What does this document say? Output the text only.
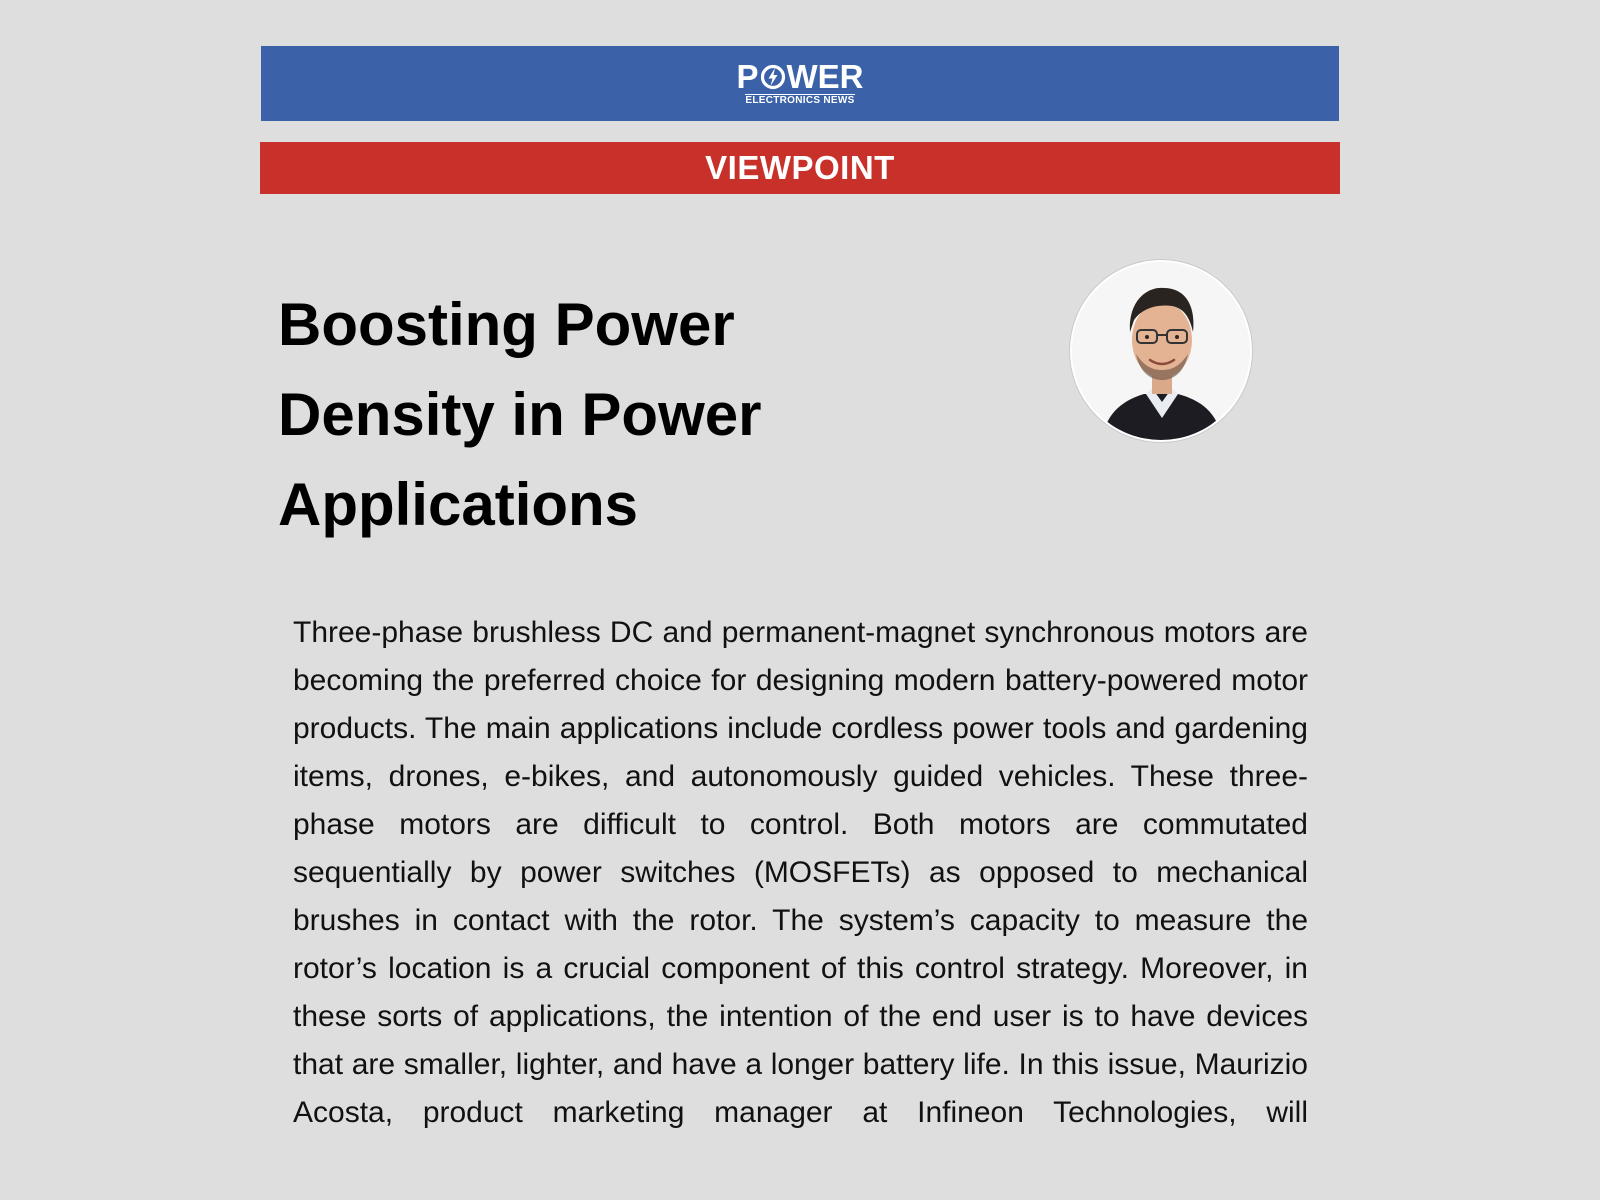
P WER
ELECTRONICS NEWS
VIEWPOINT
Boosting Power Density in Power Applications

Three-phase brushless DC and permanent-magnet synchronous motors are becoming the preferred choice for designing modern battery-powered motor products. The main applications include cordless power tools and gardening items, drones, e-bikes, and autonomously guided vehicles. These three-phase motors are difficult to control. Both motors are commutated sequentially by power switches (MOSFETs) as opposed to mechanical brushes in contact with the rotor. The system’s capacity to measure the rotor’s location is a crucial component of this control strategy. Moreover, in these sorts of applications, the intention of the end user is to have devices that are smaller, lighter, and have a longer battery life. In this issue, Maurizio Acosta, product marketing manager at Infineon Technologies, will
